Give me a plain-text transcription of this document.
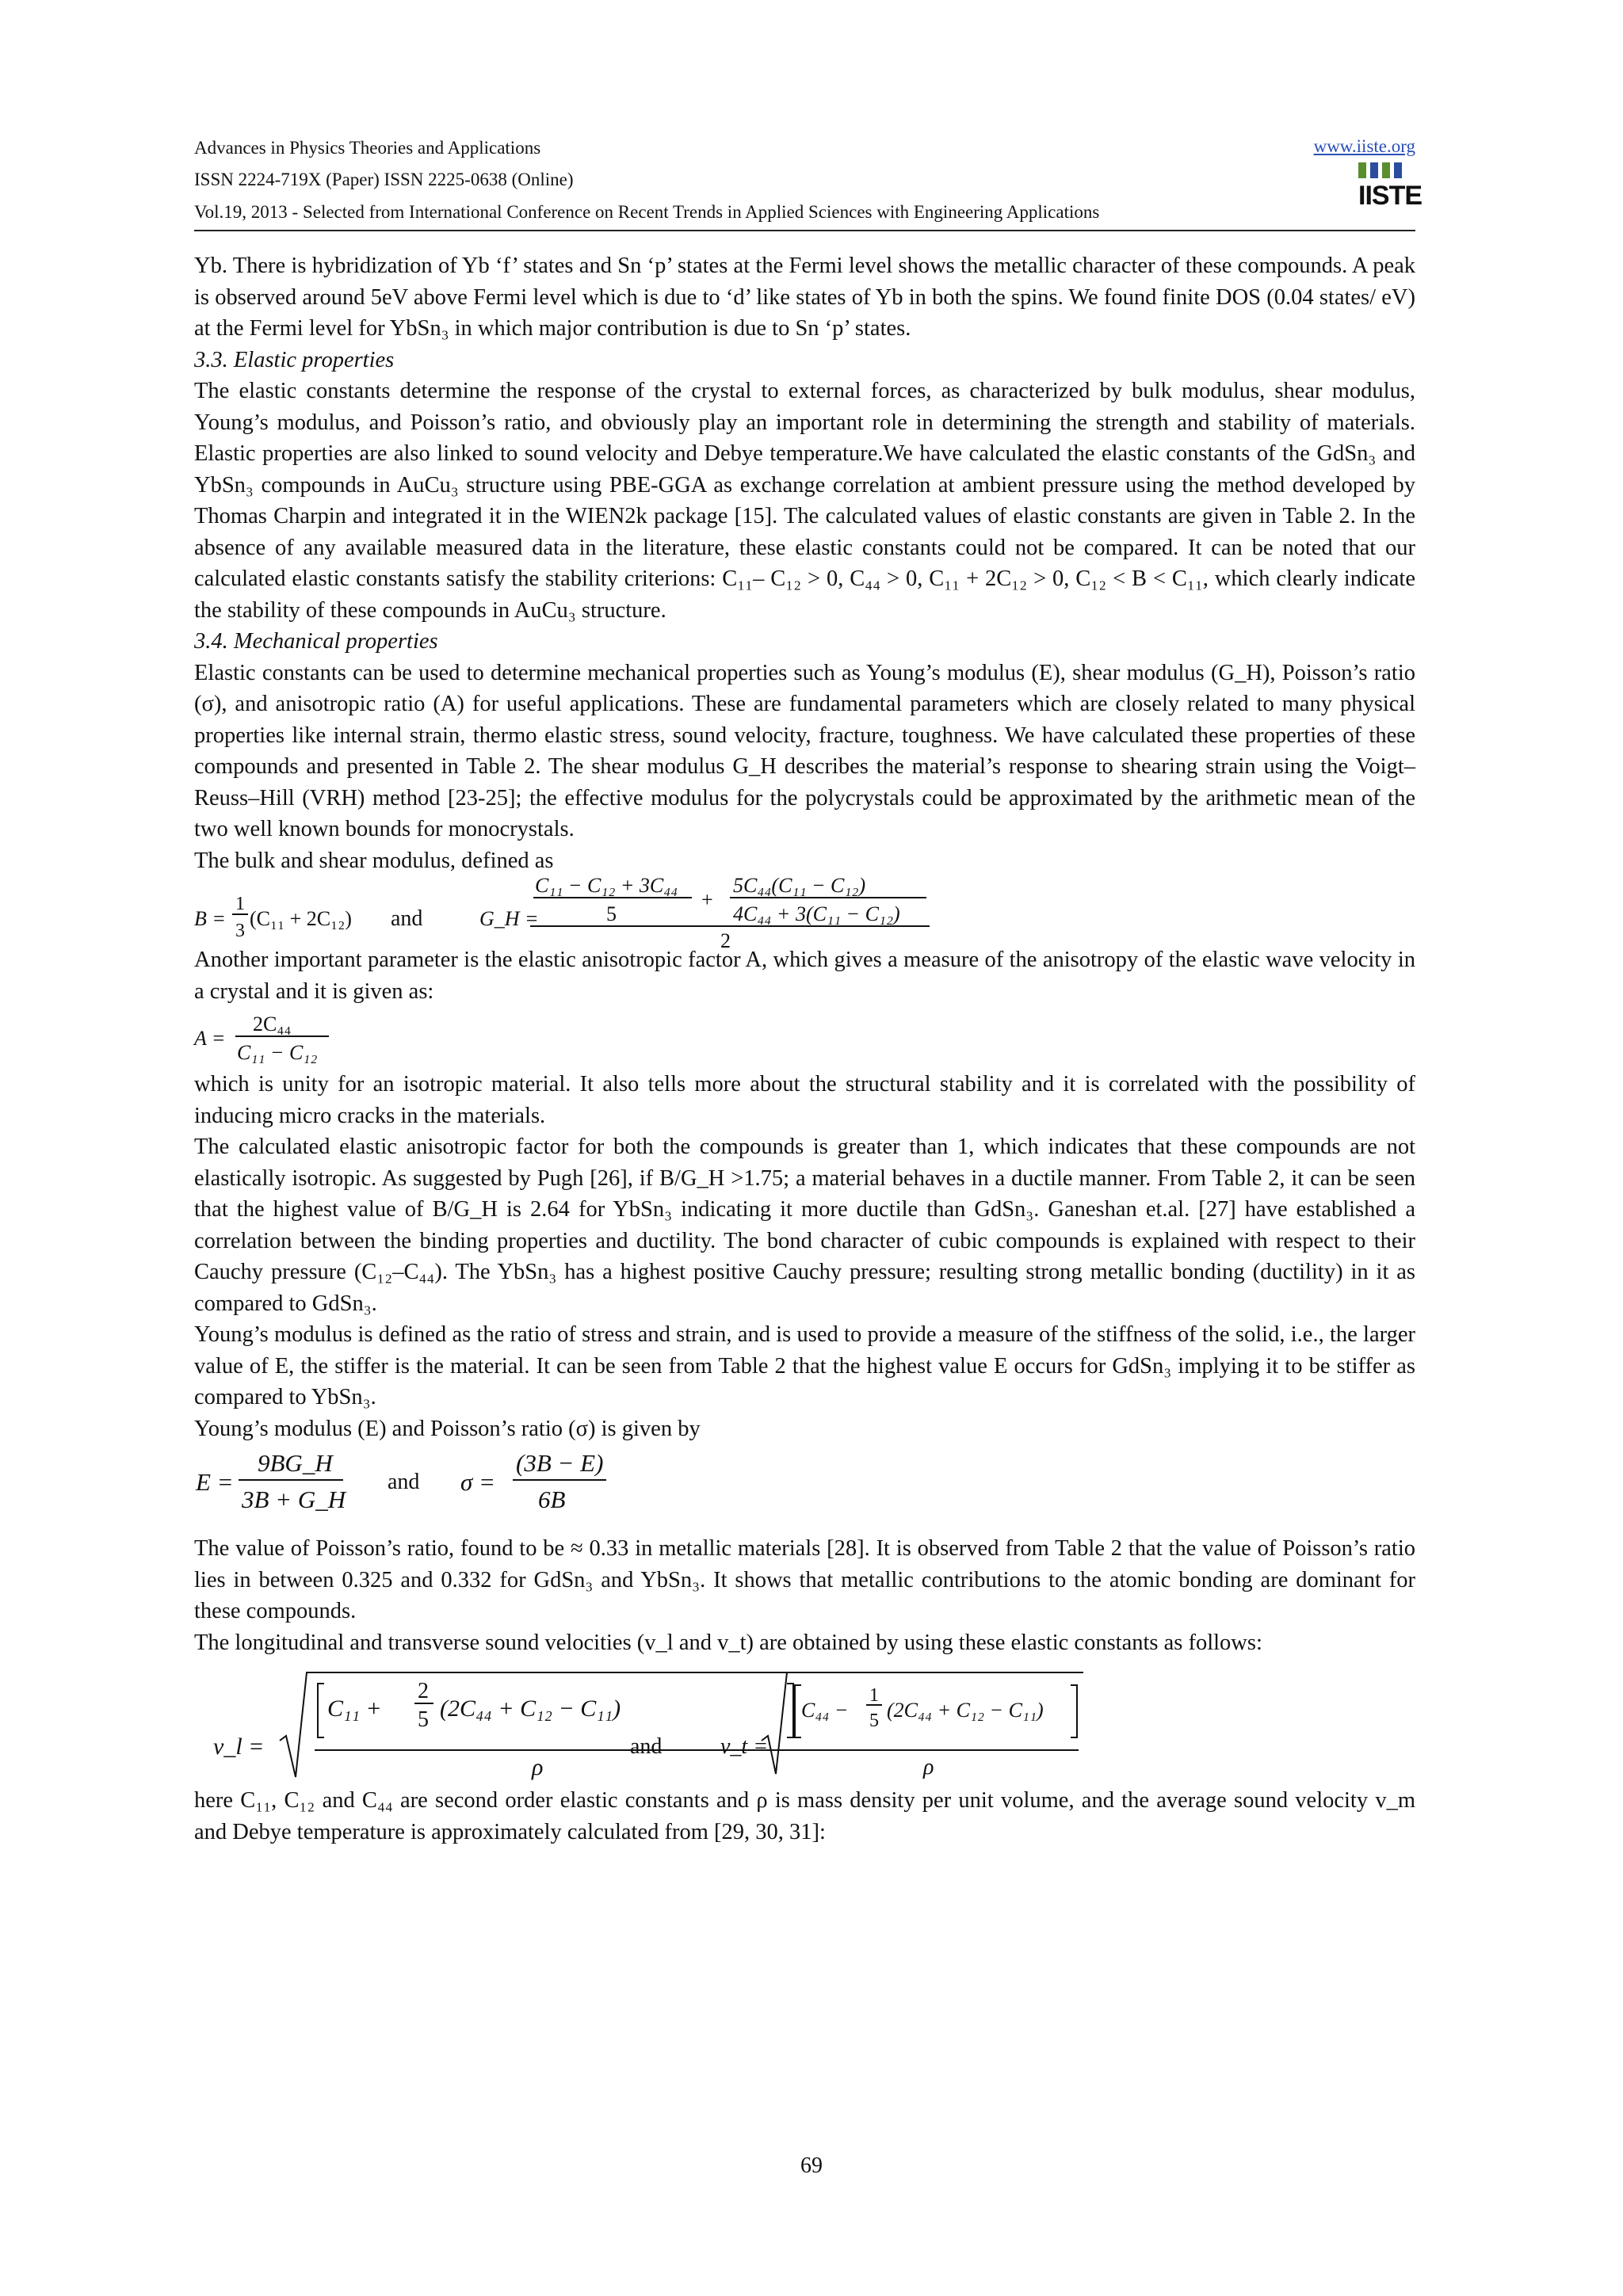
Advances in Physics Theories and Applications
ISSN 2224-719X (Paper) ISSN 2225-0638 (Online)
Vol.19, 2013 - Selected from International Conference on Recent Trends in Applied Sciences with Engineering Applications
www.iiste.org
IISTE

Yb. There is hybridization of Yb ‘f’ states and Sn ‘p’ states at the Fermi level shows the metallic character of these compounds. A peak is observed around 5eV above Fermi level which is due to ‘d’ like states of Yb in both the spins. We found finite DOS (0.04 states/ eV) at the Fermi level for YbSn₃ in which major contribution is due to Sn ‘p’ states.

3.3. Elastic properties

The elastic constants determine the response of the crystal to external forces, as characterized by bulk modulus, shear modulus, Young’s modulus, and Poisson’s ratio, and obviously play an important role in determining the strength and stability of materials. Elastic properties are also linked to sound velocity and Debye temperature.We have calculated the elastic constants of the GdSn₃ and YbSn₃ compounds in AuCu₃ structure using PBE-GGA as exchange correlation at ambient pressure using the method developed by Thomas Charpin and integrated it in the WIEN2k package [15]. The calculated values of elastic constants are given in Table 2. In the absence of any available measured data in the literature, these elastic constants could not be compared. It can be noted that our calculated elastic constants satisfy the stability criterions: C₁₁– C₁₂ > 0, C₄₄ > 0, C₁₁ + 2C₁₂ > 0, C₁₂ < B < C₁₁, which clearly indicate the stability of these compounds in AuCu₃ structure.

3.4. Mechanical properties

Elastic constants can be used to determine mechanical properties such as Young’s modulus (E), shear modulus (G_H), Poisson’s ratio (σ), and anisotropic ratio (A) for useful applications. These are fundamental parameters which are closely related to many physical properties like internal strain, thermo elastic stress, sound velocity, fracture, toughness. We have calculated these properties of these compounds and presented in Table 2. The shear modulus G_H describes the material’s response to shearing strain using the Voigt–Reuss–Hill (VRH) method [23-25]; the effective modulus for the polycrystals could be approximated by the arithmetic mean of the two well known bounds for monocrystals.

The bulk and shear modulus, defined as

B =
1
3
(C₁₁ + 2C₁₂) and	G_H =
C₁₁ − C₁₂ + 3C₄₄
5
+
5C₄₄(C₁₁ − C₁₂)
4C₄₄ + 3(C₁₁ − C₁₂)
2

Another important parameter is the elastic anisotropic factor A, which gives a measure of the anisotropy of the elastic wave velocity in a crystal and it is given as:

A =
2C₄₄
C₁₁ − C₁₂

which is unity for an isotropic material. It also tells more about the structural stability and it is correlated with the possibility of inducing micro cracks in the materials.

The calculated elastic anisotropic factor for both the compounds is greater than 1, which indicates that these compounds are not elastically isotropic. As suggested by Pugh [26], if B/G_H >1.75; a material behaves in a ductile manner. From Table 2, it can be seen that the highest value of B/G_H is 2.64 for YbSn₃ indicating it more ductile than GdSn₃. Ganeshan et.al. [27] have established a correlation between the binding properties and ductility. The bond character of cubic compounds is explained with respect to their Cauchy pressure (C₁₂–C₄₄). The YbSn₃ has a highest positive Cauchy pressure; resulting strong metallic bonding (ductility) in it as compared to GdSn₃.

Young’s modulus is defined as the ratio of stress and strain, and is used to provide a measure of the stiffness of the solid, i.e., the larger value of E, the stiffer is the material. It can be seen from Table 2 that the highest value E occurs for GdSn₃ implying it to be stiffer as compared to YbSn₃.

Young’s modulus (E) and Poisson’s ratio (σ) is given by

E =
9BG_H
3B + G_H
and σ =
(3B − E)
6B

The value of Poisson’s ratio, found to be ≈ 0.33 in metallic materials [28]. It is observed from Table 2 that the value of Poisson’s ratio lies in between 0.325 and 0.332 for GdSn₃ and YbSn₃. It shows that metallic contributions to the atomic bonding are dominant for these compounds.

The longitudinal and transverse sound velocities (v_l and v_t) are obtained by using these elastic constants as follows:

v_l =
C₁₁ +
2
5 (2C₄₄ + C₁₂ − C₁₁)
ρ
and	v_t =
C₄₄ −
1
5 (2C₄₄ + C₁₂ − C₁₁)
ρ

here C₁₁, C₁₂ and C₄₄ are second order elastic constants and ρ is mass density per unit volume, and the average sound velocity v_m and Debye temperature is approximately calculated from [29, 30, 31]:

69
